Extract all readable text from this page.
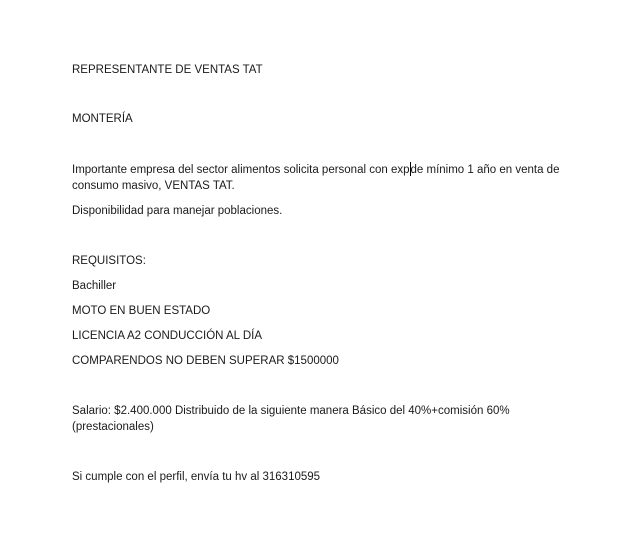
REPRESENTANTE DE VENTAS TAT
MONTERÍA
Importante empresa del sector alimentos solicita personal con expde mínimo 1 año en venta de
consumo masivo, VENTAS TAT.
Disponibilidad para manejar poblaciones.
REQUISITOS:
Bachiller
MOTO EN BUEN ESTADO
LICENCIA A2 CONDUCCIÓN AL DÍA
COMPARENDOS NO DEBEN SUPERAR $1500000
Salario: $2.400.000 Distribuido de la siguiente manera Básico del 40%+comisión 60%
(prestacionales)
Si cumple con el perfil, envía tu hv al 316310595
